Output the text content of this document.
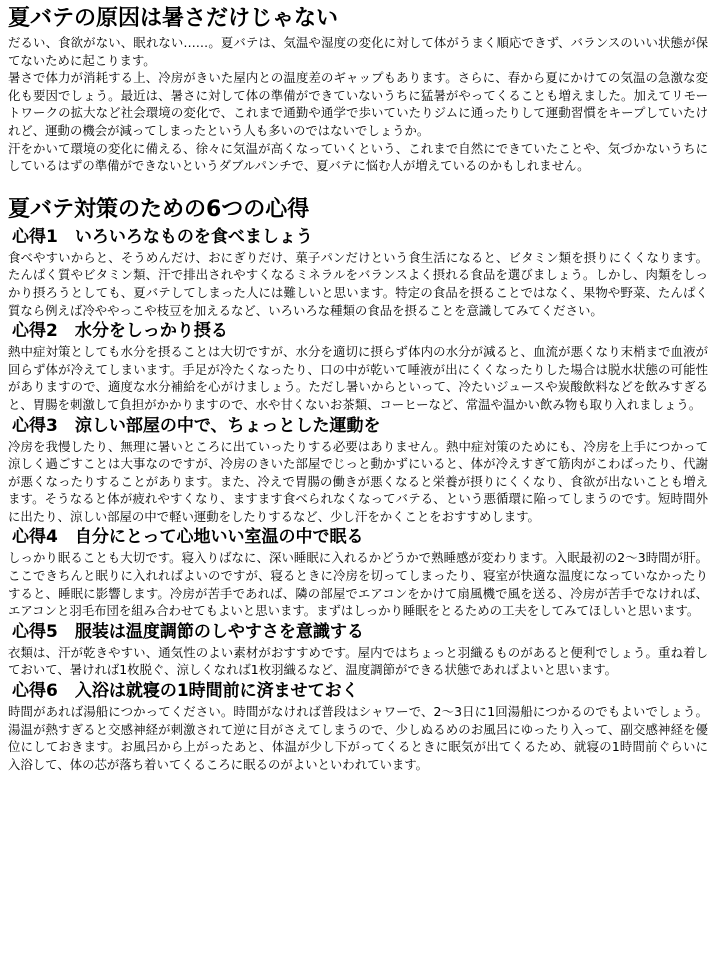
夏バテの原因は暑さだけじゃない

だるい、食欲がない、眠れない……。夏バテは、気温や湿度の変化に対して体がうまく順応できず、バランスのいい状態が保てないために起こります。

暑さで体力が消耗する上、冷房がきいた屋内との温度差のギャップもあります。さらに、春から夏にかけての気温の急激な変化も要因でしょう。最近は、暑さに対して体の準備ができていないうちに猛暑がやってくることも増えました。加えてリモートワークの拡大など社会環境の変化で、これまで通勤や通学で歩いていたりジムに通ったりして運動習慣をキープしていたけれど、運動の機会が減ってしまったという人も多いのではないでしょうか。

汗をかいて環境の変化に備える、徐々に気温が高くなっていくという、これまで自然にできていたことや、気づかないうちにしているはずの準備ができないというダブルパンチで、夏バテに悩む人が増えているのかもしれません。

夏バテ対策のための6つの心得
心得1　いろいろなものを食べましょう

食べやすいからと、そうめんだけ、おにぎりだけ、菓子パンだけという食生活になると、ビタミン類を摂りにくくなります。たんぱく質やビタミン類、汗で排出されやすくなるミネラルをバランスよく摂れる食品を選びましょう。しかし、肉類をしっかり摂ろうとしても、夏バテしてしまった人には難しいと思います。特定の食品を摂ることではなく、果物や野菜、たんぱく質なら例えば冷ややっこや枝豆を加えるなど、いろいろな種類の食品を摂ることを意識してみてください。

心得2　水分をしっかり摂る

熱中症対策としても水分を摂ることは大切ですが、水分を適切に摂らず体内の水分が減ると、血流が悪くなり末梢まで血液が回らず体が冷えてしまいます。手足が冷たくなったり、口の中が乾いて唾液が出にくくなったりした場合は脱水状態の可能性がありますので、適度な水分補給を心がけましょう。ただし暑いからといって、冷たいジュースや炭酸飲料などを飲みすぎると、胃腸を刺激して負担がかかりますので、水や甘くないお茶類、コーヒーなど、常温や温かい飲み物も取り入れましょう。

心得3　涼しい部屋の中で、ちょっとした運動を

冷房を我慢したり、無理に暑いところに出ていったりする必要はありません。熱中症対策のためにも、冷房を上手につかって涼しく過ごすことは大事なのですが、冷房のきいた部屋でじっと動かずにいると、体が冷えすぎて筋肉がこわばったり、代謝が悪くなったりすることがあります。また、冷えで胃腸の働きが悪くなると栄養が摂りにくくなり、食欲が出ないことも増えます。そうなると体が疲れやすくなり、ますます食べられなくなってバテる、という悪循環に陥ってしまうのです。短時間外に出たり、涼しい部屋の中で軽い運動をしたりするなど、少し汗をかくことをおすすめします。

心得4　自分にとって心地いい室温の中で眠る

しっかり眠ることも大切です。寝入りばなに、深い睡眠に入れるかどうかで熟睡感が変わります。入眠最初の2～3時間が肝。ここできちんと眠りに入れればよいのですが、寝るときに冷房を切ってしまったり、寝室が快適な温度になっていなかったりすると、睡眠に影響します。冷房が苦手であれば、隣の部屋でエアコンをかけて扇風機で風を送る、冷房が苦手でなければ、エアコンと羽毛布団を組み合わせてもよいと思います。まずはしっかり睡眠をとるための工夫をしてみてほしいと思います。

心得5　服装は温度調節のしやすさを意識する

衣類は、汗が乾きやすい、通気性のよい素材がおすすめです。屋内ではちょっと羽織るものがあると便利でしょう。重ね着しておいて、暑ければ1枚脱ぐ、涼しくなれば1枚羽織るなど、温度調節ができる状態であればよいと思います。

心得6　入浴は就寝の1時間前に済ませておく

時間があれば湯船につかってください。時間がなければ普段はシャワーで、2～3日に1回湯船につかるのでもよいでしょう。湯温が熱すぎると交感神経が刺激されて逆に目がさえてしまうので、少しぬるめのお風呂にゆったり入って、副交感神経を優位にしておきます。お風呂から上がったあと、体温が少し下がってくるときに眠気が出てくるため、就寝の1時間前ぐらいに入浴して、体の芯が落ち着いてくるころに眠るのがよいといわれています。
